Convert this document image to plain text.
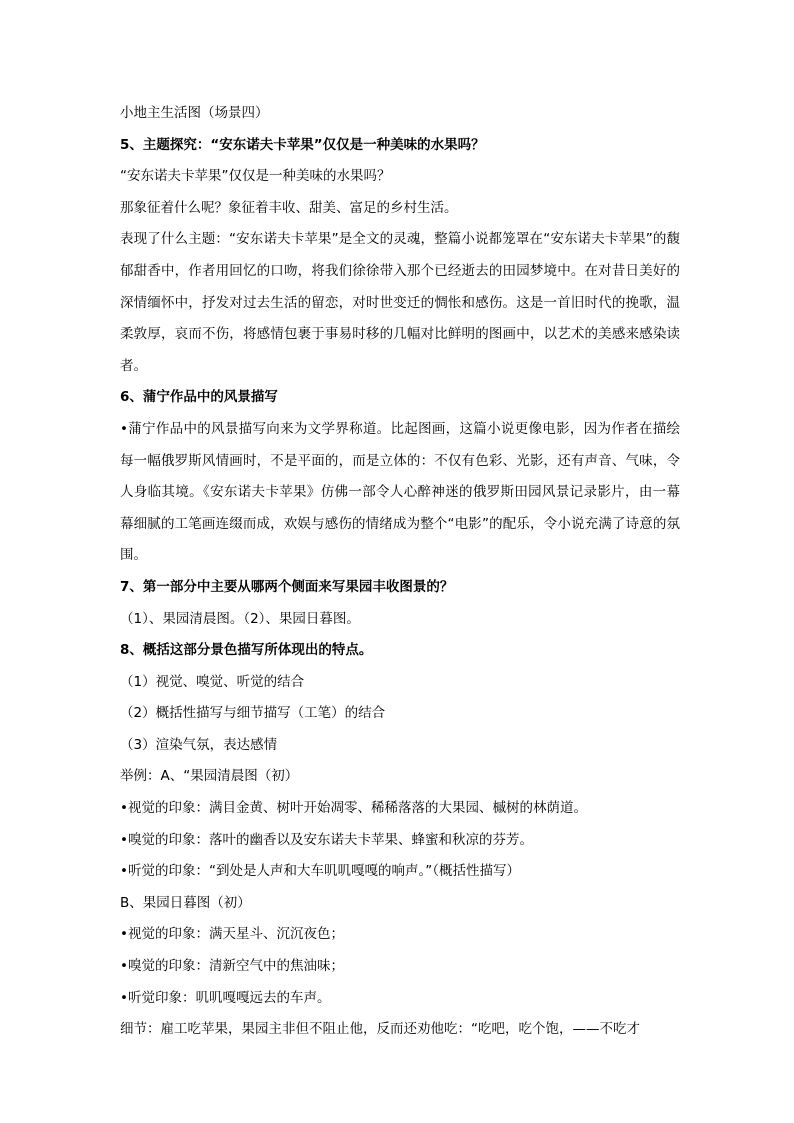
小地主生活图（场景四）

5、主题探究：“安东诺夫卡苹果”仅仅是一种美味的水果吗？

“安东诺夫卡苹果”仅仅是一种美味的水果吗？

那象征着什么呢？象征着丰收、甜美、富足的乡村生活。

表现了什么主题：“安东诺夫卡苹果”是全文的灵魂，整篇小说都笼罩在“安东诺夫卡苹果”的馥郁甜香中，作者用回忆的口吻，将我们徐徐带入那个已经逝去的田园梦境中。在对昔日美好的深情缅怀中，抒发对过去生活的留恋，对时世变迁的惆怅和感伤。这是一首旧时代的挽歌，温柔敦厚，哀而不伤，将感情包裹于事易时移的几幅对比鲜明的图画中，以艺术的美感来感染读者。

6、蒲宁作品中的风景描写

•蒲宁作品中的风景描写向来为文学界称道。比起图画，这篇小说更像电影，因为作者在描绘每一幅俄罗斯风情画时，不是平面的，而是立体的：不仅有色彩、光影，还有声音、气味，令人身临其境。《安东诺夫卡苹果》仿佛一部令人心醉神迷的俄罗斯田园风景记录影片，由一幕幕细腻的工笔画连缀而成，欢娱与感伤的情绪成为整个“电影”的配乐，令小说充满了诗意的氛围。

7、第一部分中主要从哪两个侧面来写果园丰收图景的？

（1）、果园清晨图。（2）、果园日暮图。

8、概括这部分景色描写所体现出的特点。

（1）视觉、嗅觉、听觉的结合

（2）概括性描写与细节描写（工笔）的结合

（3）渲染气氛，表达感情

举例：A、“果园清晨图（初）

•视觉的印象：满目金黄、树叶开始凋零、稀稀落落的大果园、槭树的林荫道。

•嗅觉的印象：落叶的幽香以及安东诺夫卡苹果、蜂蜜和秋凉的芬芳。

•听觉的印象：“到处是人声和大车叽叽嘎嘎的响声。”（概括性描写）

B、果园日暮图（初）

•视觉的印象：满天星斗、沉沉夜色；

•嗅觉的印象：清新空气中的焦油味；

•听觉印象：叽叽嘎嘎远去的车声。

细节：雇工吃苹果，果园主非但不阻止他，反而还劝他吃：“吃吧，吃个饱，——不吃才
